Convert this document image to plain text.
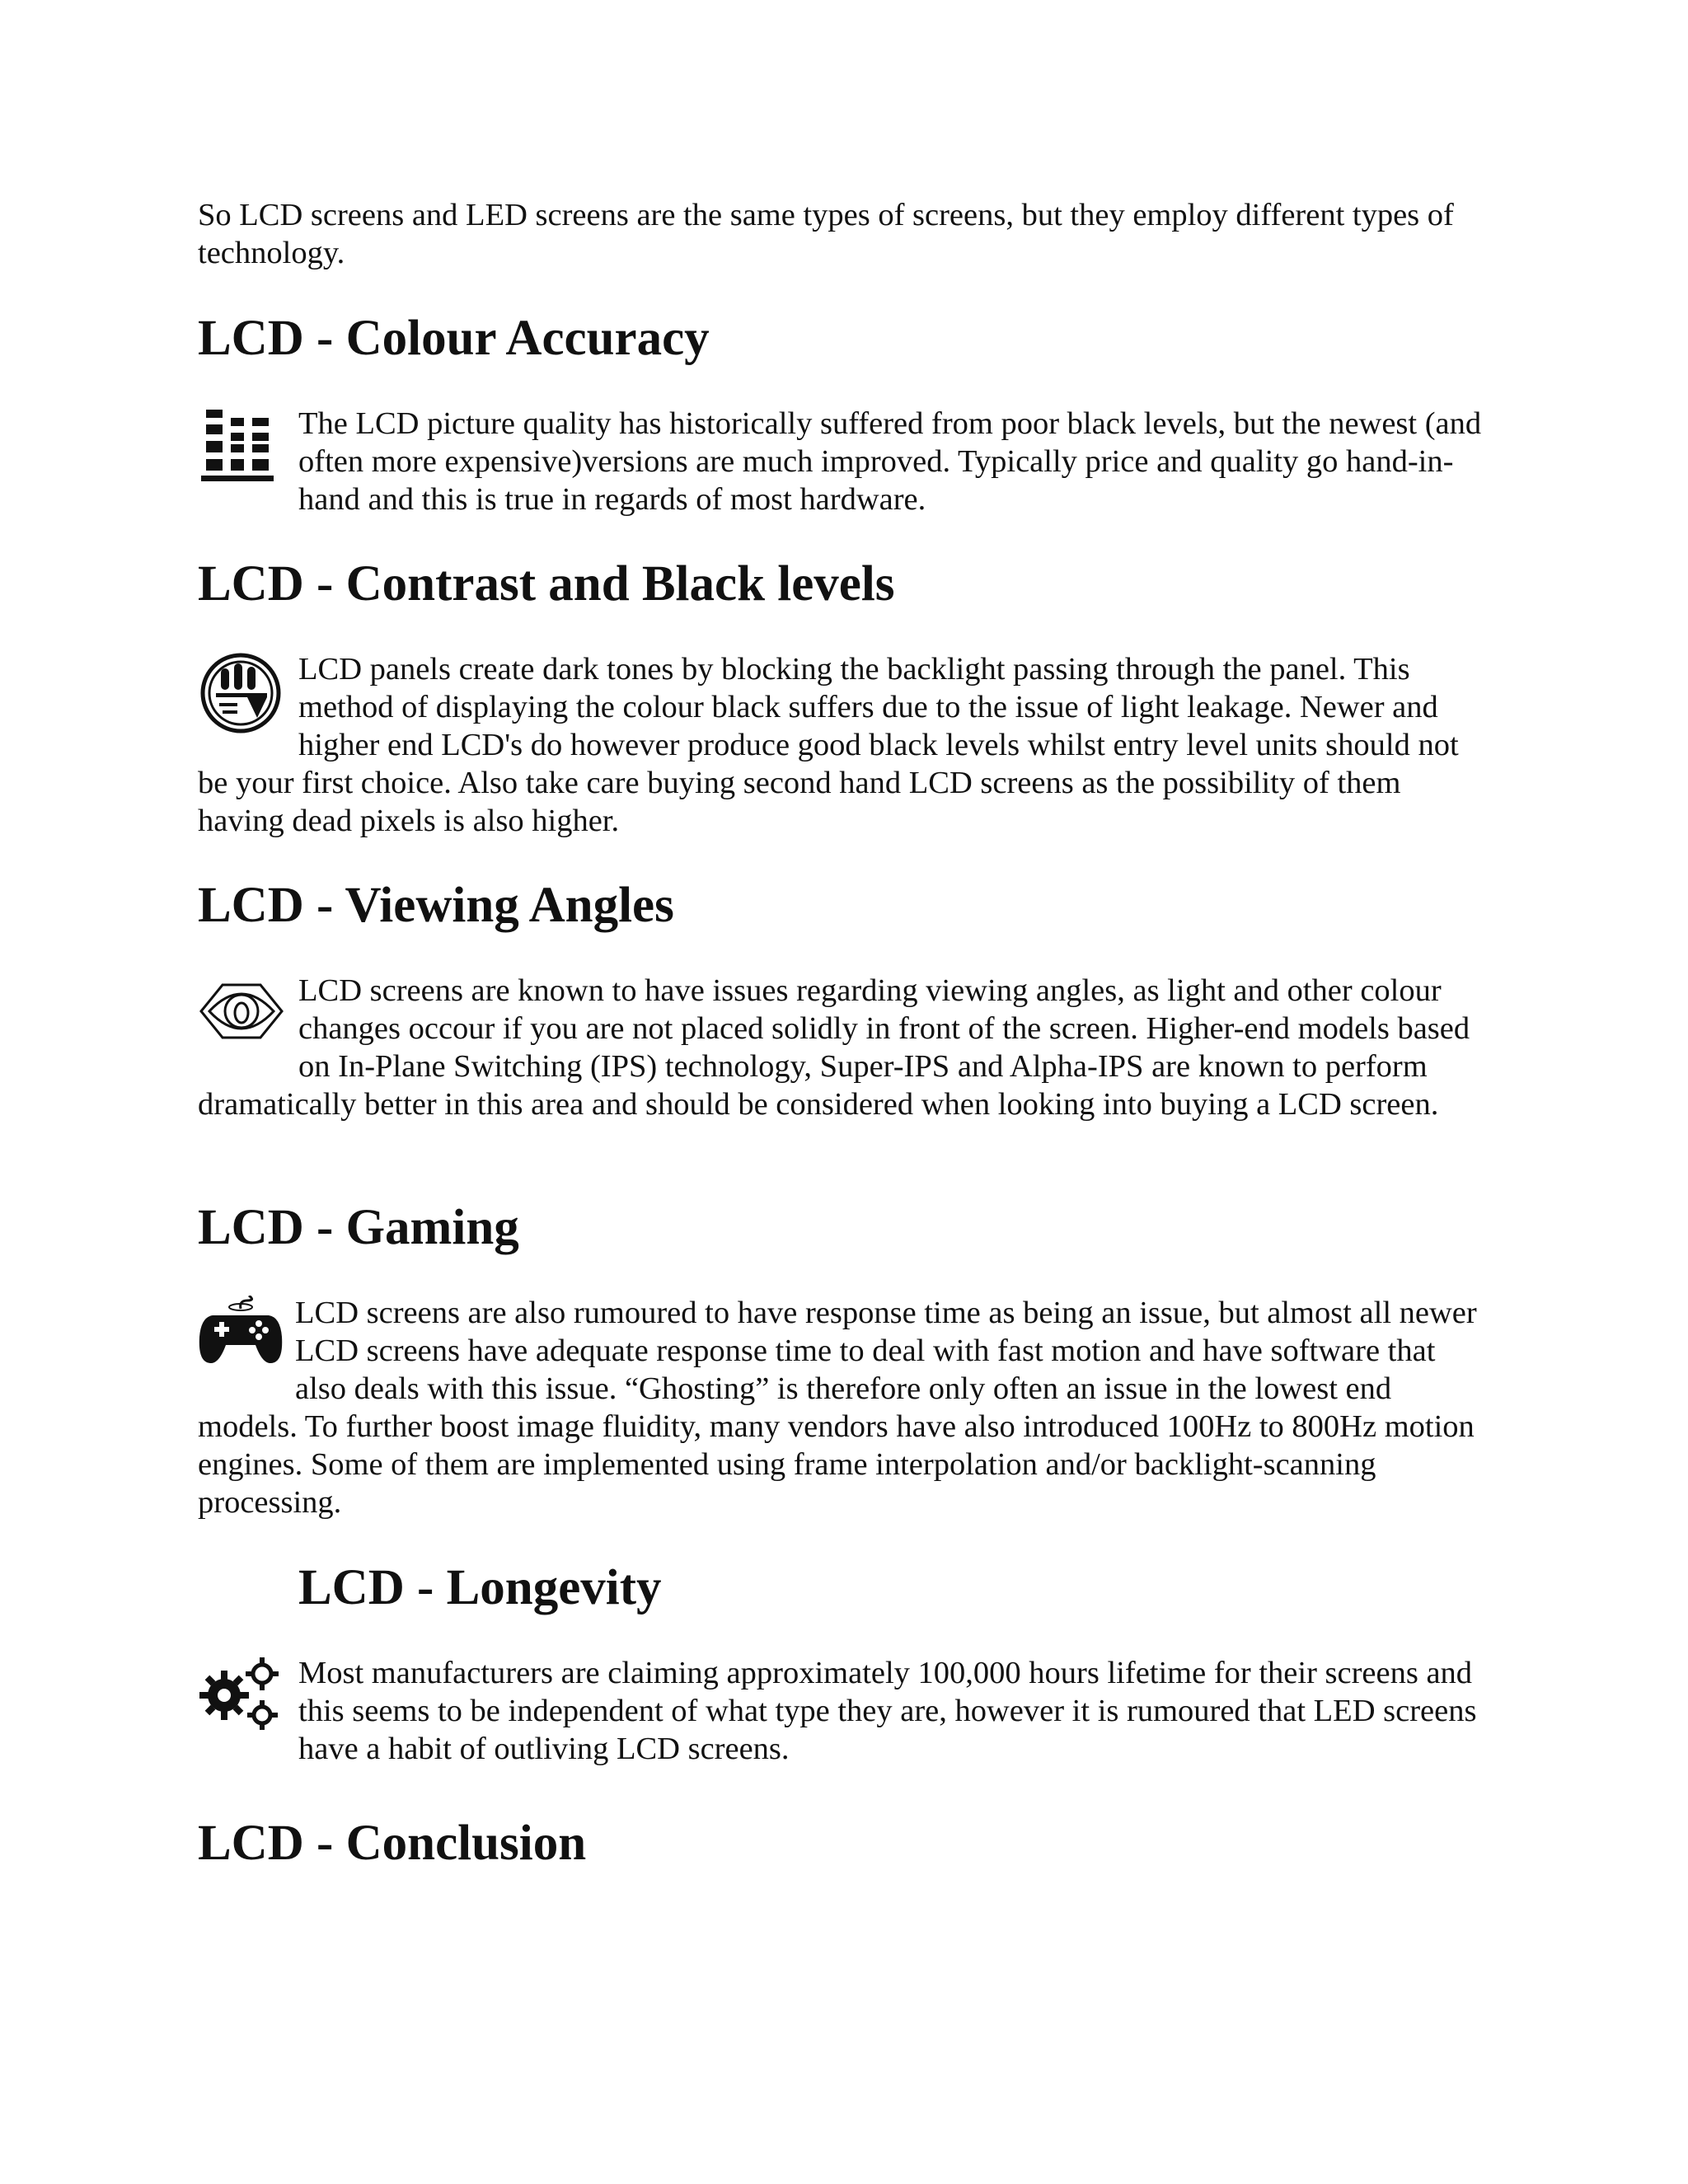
So LCD screens and LED screens are the same types of screens, but they employ different types of technology.

LCD - Colour Accuracy
The LCD picture quality has historically suffered from poor black levels, but the newest (and often more expensive)versions are much improved. Typically price and quality go hand-in-hand and this is true in regards of most hardware.
LCD - Contrast and Black levels
LCD panels create dark tones by blocking the backlight passing through the panel. This method of displaying the colour black suffers due to the issue of light leakage. Newer and higher end LCD's do however produce good black levels whilst entry level units should not be your first choice. Also take care buying second hand LCD screens as the possibility of them having dead pixels is also higher.
LCD - Viewing Angles
LCD screens are known to have issues regarding viewing angles, as light and other colour changes occour if you are not placed solidly in front of the screen. Higher-end models based on In-Plane Switching (IPS) technology, Super-IPS and Alpha-IPS are known to perform dramatically better in this area and should be considered when looking into buying a LCD screen.
LCD - Gaming
LCD screens are also rumoured to have response time as being an issue, but almost all newer LCD screens have adequate response time to deal with fast motion and have software that also deals with this issue. “Ghosting” is therefore only often an issue in the lowest end models. To further boost image fluidity, many vendors have also introduced 100Hz to 800Hz motion engines. Some of them are implemented using frame interpolation and/or backlight-scanning processing.
LCD - Longevity
Most manufacturers are claiming approximately 100,000 hours lifetime for their screens and this seems to be independent of what type they are, however it is rumoured that LED screens have a habit of outliving LCD screens.
LCD - Conclusion
